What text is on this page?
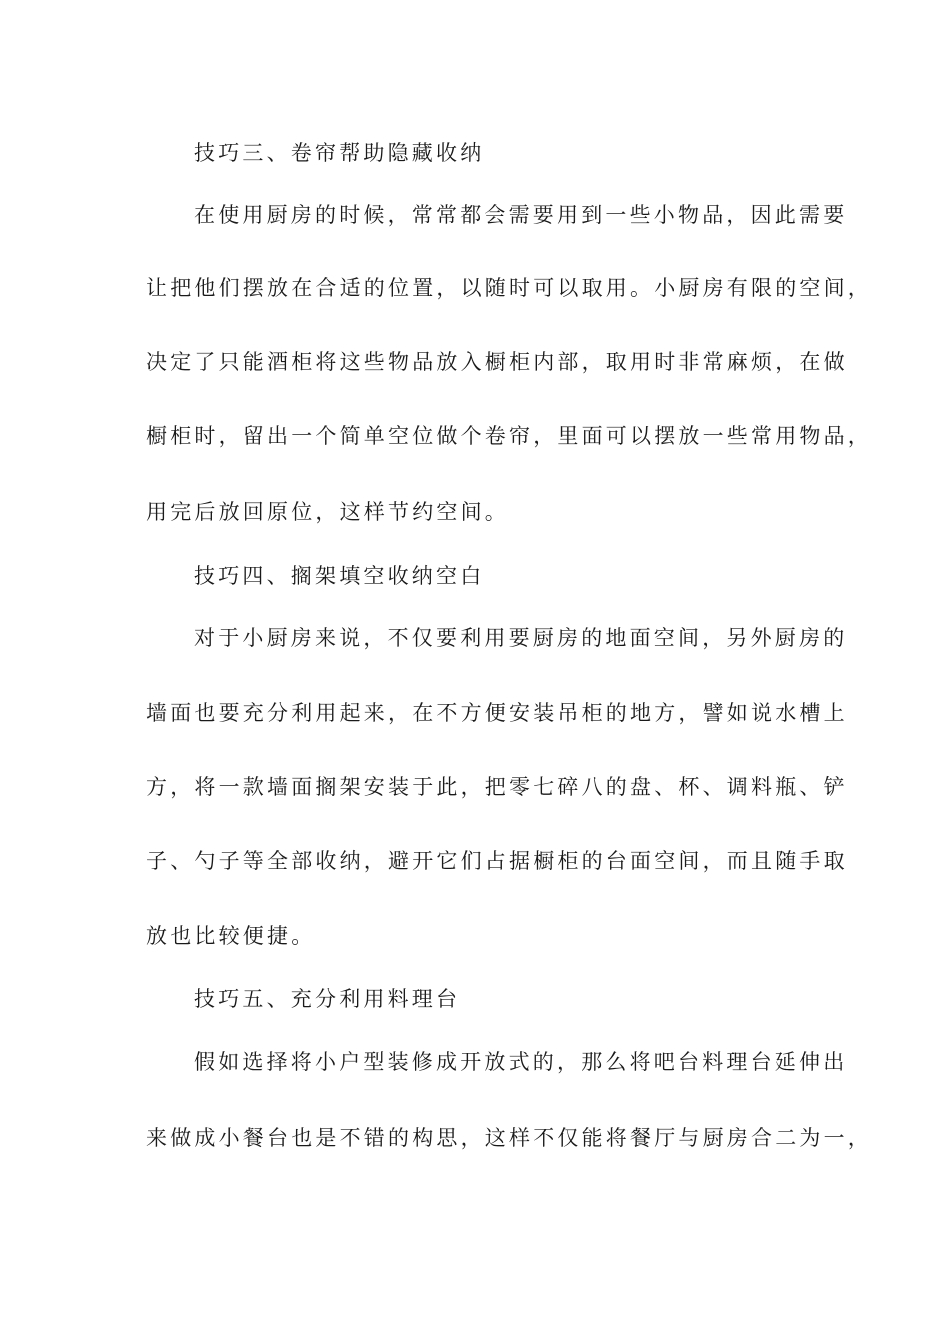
技巧三、卷帘帮助隐藏收纳
在使用厨房的时候，常常都会需要用到一些小物品，因此需要
让把他们摆放在合适的位置，以随时可以取用。小厨房有限的空间，
决定了只能酒柜将这些物品放入橱柜内部，取用时非常麻烦，在做
橱柜时，留出一个简单空位做个卷帘，里面可以摆放一些常用物品，
用完后放回原位，这样节约空间。
技巧四、搁架填空收纳空白
对于小厨房来说，不仅要利用要厨房的地面空间，另外厨房的
墙面也要充分利用起来，在不方便安装吊柜的地方，譬如说水槽上
方，将一款墙面搁架安装于此，把零七碎八的盘、杯、调料瓶、铲
子、勺子等全部收纳，避开它们占据橱柜的台面空间，而且随手取
放也比较便捷。
技巧五、充分利用料理台
假如选择将小户型装修成开放式的，那么将吧台料理台延伸出
来做成小餐台也是不错的构思，这样不仅能将餐厅与厨房合二为一，
